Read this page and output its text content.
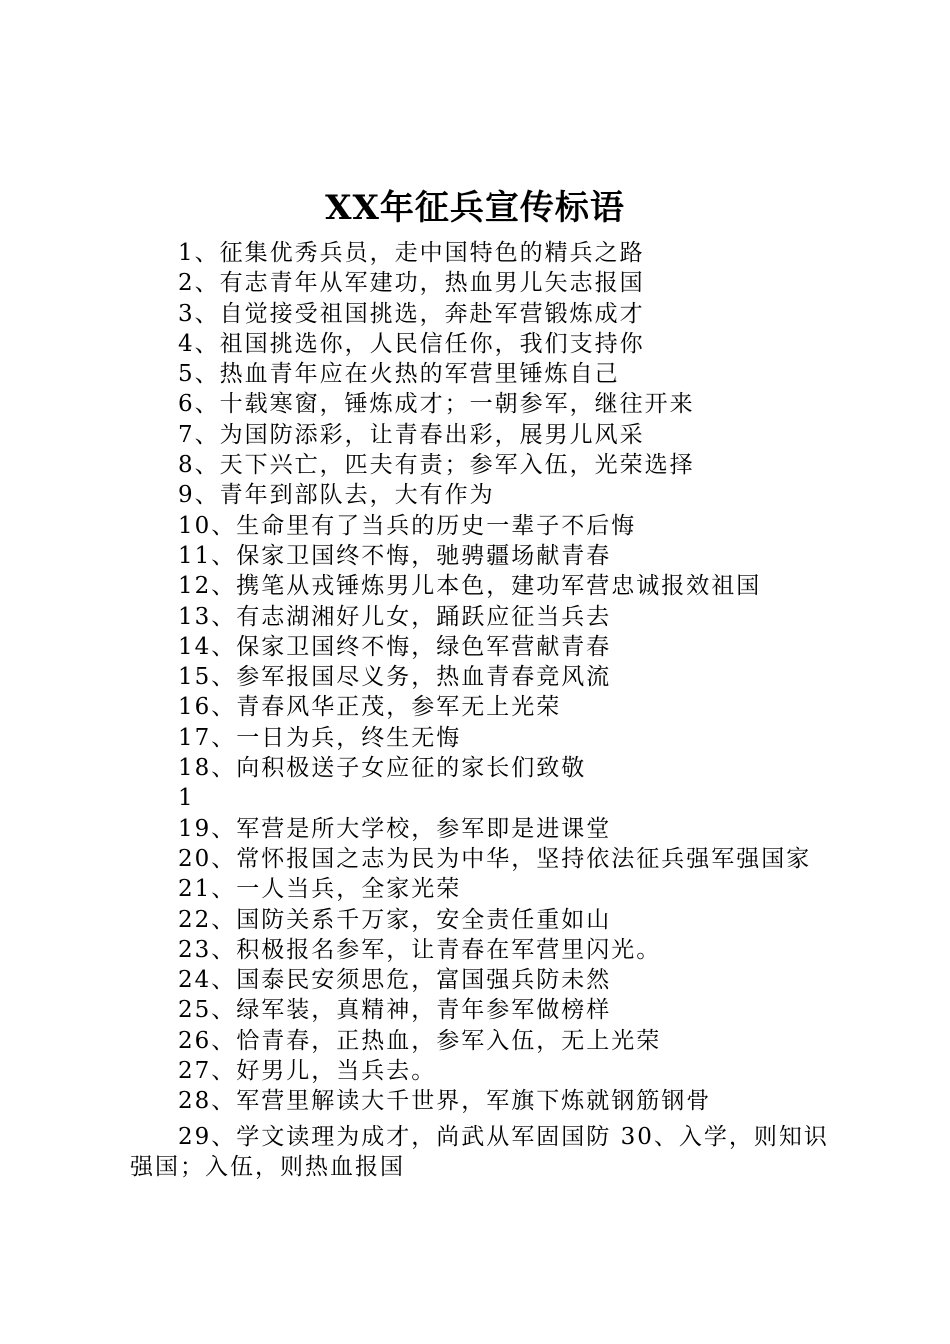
XX年征兵宣传标语
1、征集优秀兵员，走中国特色的精兵之路
2、有志青年从军建功，热血男儿矢志报国
3、自觉接受祖国挑选，奔赴军营锻炼成才
4、祖国挑选你，人民信任你，我们支持你
5、热血青年应在火热的军营里锤炼自己
6、十载寒窗，锤炼成才；一朝参军，继往开来
7、为国防添彩，让青春出彩，展男儿风采
8、天下兴亡，匹夫有责；参军入伍，光荣选择
9、青年到部队去，大有作为
10、生命里有了当兵的历史一辈子不后悔
11、保家卫国终不悔，驰骋疆场献青春
12、携笔从戎锤炼男儿本色，建功军营忠诚报效祖国
13、有志湖湘好儿女，踊跃应征当兵去
14、保家卫国终不悔，绿色军营献青春
15、参军报国尽义务，热血青春竞风流
16、青春风华正茂，参军无上光荣
17、一日为兵，终生无悔
18、向积极送子女应征的家长们致敬
1
19、军营是所大学校，参军即是进课堂
20、常怀报国之志为民为中华，坚持依法征兵强军强国家
21、一人当兵，全家光荣
22、国防关系千万家，安全责任重如山
23、积极报名参军，让青春在军营里闪光。
24、国泰民安须思危，富国强兵防未然
25、绿军装，真精神，青年参军做榜样
26、恰青春，正热血，参军入伍，无上光荣
27、好男儿，当兵去。
28、军营里解读大千世界，军旗下炼就钢筋钢骨
29、学文读理为成才，尚武从军固国防 30、入学，则知识强国；入伍，则热血报国
